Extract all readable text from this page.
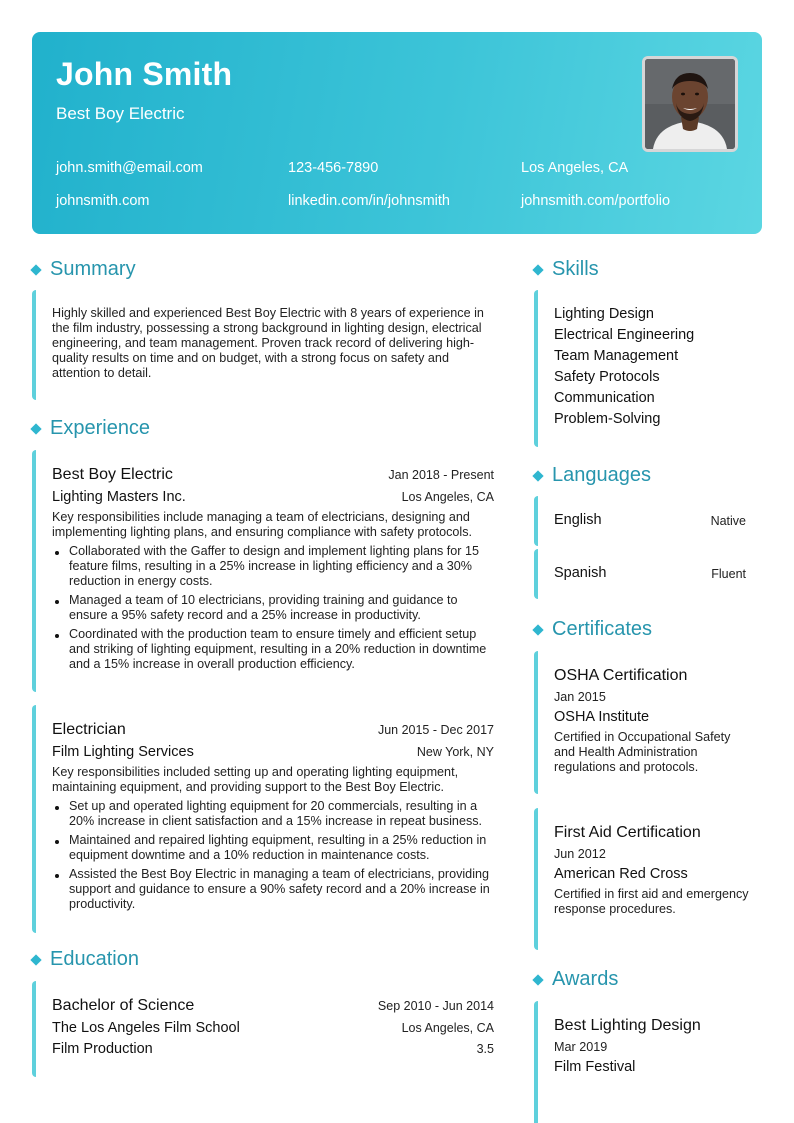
John Smith
Best Boy Electric
john.smith@email.com	123-456-7890	Los Angeles, CA
johnsmith.com	linkedin.com/in/johnsmith	johnsmith.com/portfolio
Summary
Highly skilled and experienced Best Boy Electric with 8 years of experience in the film industry, possessing a strong background in lighting design, electrical engineering, and team management. Proven track record of delivering high-quality results on time and on budget, with a strong focus on safety and attention to detail.
Experience
Best Boy Electric	Jan 2018 - Present
Lighting Masters Inc.	Los Angeles, CA
Key responsibilities include managing a team of electricians, designing and implementing lighting plans, and ensuring compliance with safety protocols.
Collaborated with the Gaffer to design and implement lighting plans for 15 feature films, resulting in a 25% increase in lighting efficiency and a 30% reduction in energy costs.
Managed a team of 10 electricians, providing training and guidance to ensure a 95% safety record and a 25% increase in productivity.
Coordinated with the production team to ensure timely and efficient setup and striking of lighting equipment, resulting in a 20% reduction in downtime and a 15% increase in overall production efficiency.
Electrician	Jun 2015 - Dec 2017
Film Lighting Services	New York, NY
Key responsibilities included setting up and operating lighting equipment, maintaining equipment, and providing support to the Best Boy Electric.
Set up and operated lighting equipment for 20 commercials, resulting in a 20% increase in client satisfaction and a 15% increase in repeat business.
Maintained and repaired lighting equipment, resulting in a 25% reduction in equipment downtime and a 10% reduction in maintenance costs.
Assisted the Best Boy Electric in managing a team of electricians, providing support and guidance to ensure a 90% safety record and a 20% increase in productivity.
Education
Bachelor of Science	Sep 2010 - Jun 2014
The Los Angeles Film School	Los Angeles, CA
Film Production	3.5
Skills
Lighting Design
Electrical Engineering
Team Management
Safety Protocols
Communication
Problem-Solving
Languages
English	Native
Spanish	Fluent
Certificates
OSHA Certification
Jan 2015
OSHA Institute
Certified in Occupational Safety and Health Administration regulations and protocols.
First Aid Certification
Jun 2012
American Red Cross
Certified in first aid and emergency response procedures.
Awards
Best Lighting Design
Mar 2019
Film Festival
